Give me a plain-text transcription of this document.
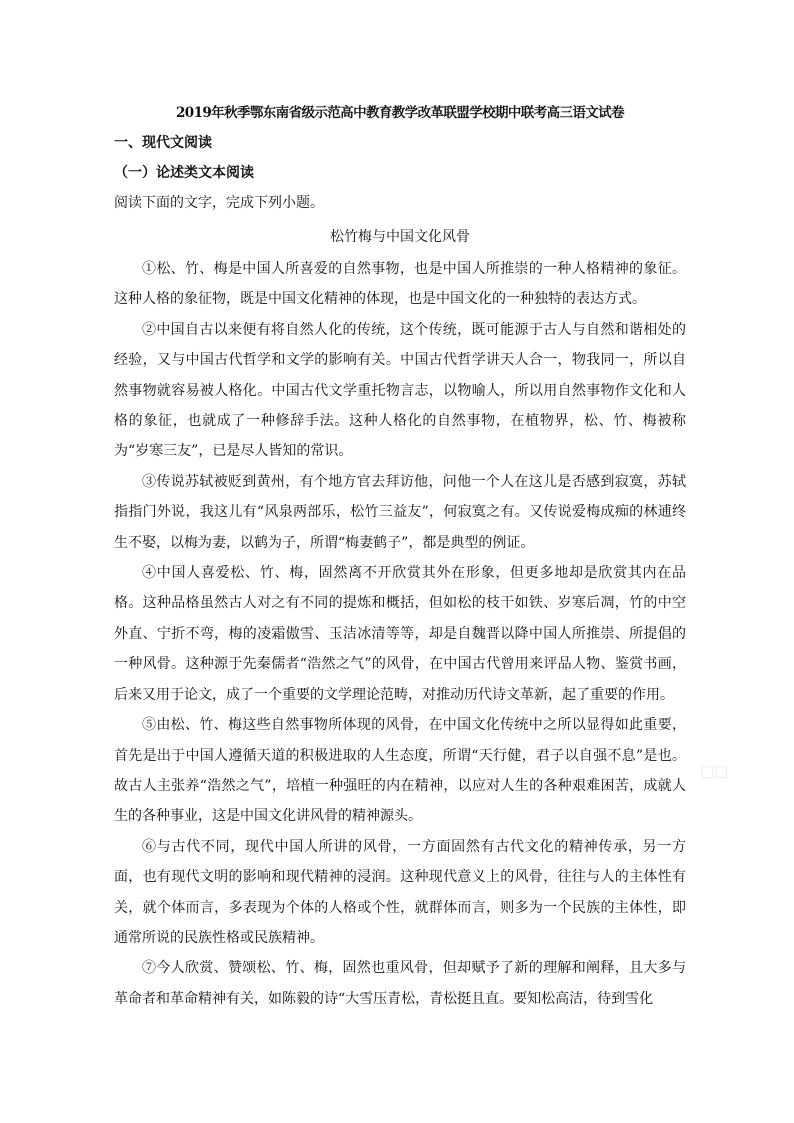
2019年秋季鄂东南省级示范高中教育教学改革联盟学校期中联考高三语文试卷

一、现代文阅读

（一）论述类文本阅读

阅读下面的文字，完成下列小题。

松竹梅与中国文化风骨

①松、竹、梅是中国人所喜爱的自然事物，也是中国人所推崇的一种人格精神的象征。这种人格的象征物，既是中国文化精神的体现，也是中国文化的一种独特的表达方式。

②中国自古以来便有将自然人化的传统，这个传统，既可能源于古人与自然和谐相处的经验，又与中国古代哲学和文学的影响有关。中国古代哲学讲天人合一，物我同一，所以自然事物就容易被人格化。中国古代文学重托物言志，以物喻人，所以用自然事物作文化和人格的象征，也就成了一种修辞手法。这种人格化的自然事物，在植物界，松、竹、梅被称为“岁寒三友”，已是尽人皆知的常识。

③传说苏轼被贬到黄州，有个地方官去拜访他，问他一个人在这儿是否感到寂寞，苏轼指指门外说，我这儿有“风泉两部乐，松竹三益友”，何寂寞之有。又传说爱梅成痴的林逋终生不娶，以梅为妻，以鹤为子，所谓“梅妻鹤子”，都是典型的例证。

④中国人喜爱松、竹、梅，固然离不开欣赏其外在形象，但更多地却是欣赏其内在品格。这种品格虽然古人对之有不同的提炼和概括，但如松的枝干如铁、岁寒后凋，竹的中空外直、宁折不弯，梅的凌霜傲雪、玉洁冰清等等，却是自魏晋以降中国人所推崇、所提倡的一种风骨。这种源于先秦儒者“浩然之气”的风骨，在中国古代曾用来评品人物、鉴赏书画，后来又用于论文，成了一个重要的文学理论范畴，对推动历代诗文革新，起了重要的作用。

⑤由松、竹、梅这些自然事物所体现的风骨，在中国文化传统中之所以显得如此重要，首先是出于中国人遵循天道的积极进取的人生态度，所谓“天行健，君子以自强不息”是也。故古人主张养“浩然之气”，培植一种强旺的内在精神，以应对人生的各种艰难困苦，成就人生的各种事业，这是中国文化讲风骨的精神源头。

⑥与古代不同，现代中国人所讲的风骨，一方面固然有古代文化的精神传承，另一方面，也有现代文明的影响和现代精神的浸润。这种现代意义上的风骨，往往与人的主体性有关，就个体而言，多表现为个体的人格或个性，就群体而言，则多为一个民族的主体性，即通常所说的民族性格或民族精神。

⑦今人欣赏、赞颂松、竹、梅，固然也重风骨，但却赋予了新的理解和阐释，且大多与革命者和革命精神有关，如陈毅的诗“大雪压青松，青松挺且直。要知松高洁，待到雪化

□□
